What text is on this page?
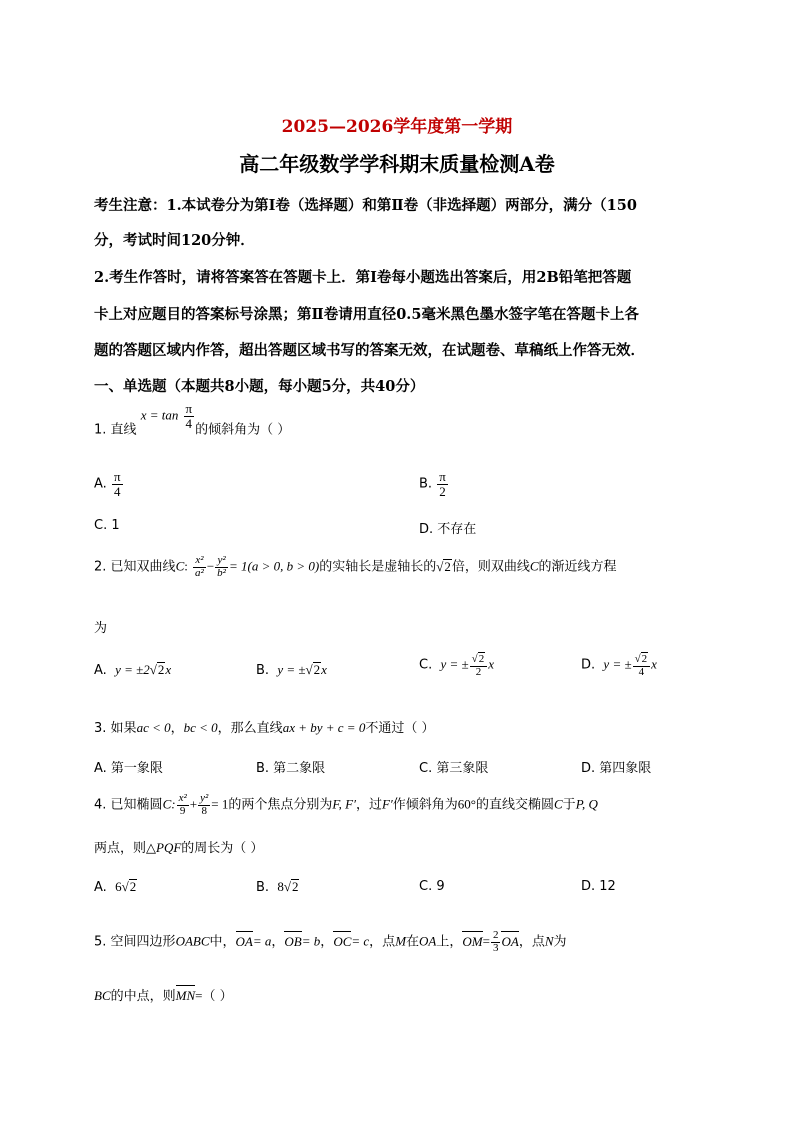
2025—2026学年度第一学期
高二年级数学学科期末质量检测A卷
考生注意：1.本试卷分为第Ⅰ卷（选择题）和第Ⅱ卷（非选择题）两部分，满分（150
分，考试时间120分钟．
2.考生作答时，请将答案答在答题卡上．第Ⅰ卷每小题选出答案后，用2B铅笔把答题
卡上对应题目的答案标号涂黑；第Ⅱ卷请用直径0.5毫米黑色墨水签字笔在答题卡上各
题的答题区域内作答，超出答题区域书写的答案无效，在试题卷、草稿纸上作答无效．
一、单选题（本题共8小题，每小题5分，共40分）
1. 直线 $x = \tan \frac{\pi}{4}$ 的倾斜角为（ ）
A. $\frac{\pi}{4}$	B. $\frac{\pi}{2}$
C. 1	D. 不存在
2. 已知双曲线C: $\frac{\text{x²}}{\text{a²}} - \frac{\text{y²}}{\text{b²}} = 1(a > 0$, b > 0)的实轴长是虚轴长的√2倍，则双曲线C的渐近线方程
为
A. y = ±2√2x	B. y = ±√2x	C. y = ± $\frac{√2}{2}$ x	D. y = ± $\frac{√2}{4}$ x
3. 如果ac < 0，bc < 0，那么直线ax + by + c = 0不通过（ ）
A. 第一象限	B. 第二象限	C. 第三象限	D. 第四象限
4. 已知椭圆C: $\frac{\text{x²}}{9} + \frac{\text{y²}}{8} = 1$的两个焦点分别为F, F′，过F′作倾斜角为60°的直线交椭圆C于P, Q
两点，则△PQF的周长为（ ）
A. 6√2	B. 8√2	C. 9	D. 12
5. 空间四边形OABC中，OA= a，OB= b，OC= c，点M在OA上，$OM= \frac{2}{3}$ OA，点N为
BC的中点，则MN=（ ）
